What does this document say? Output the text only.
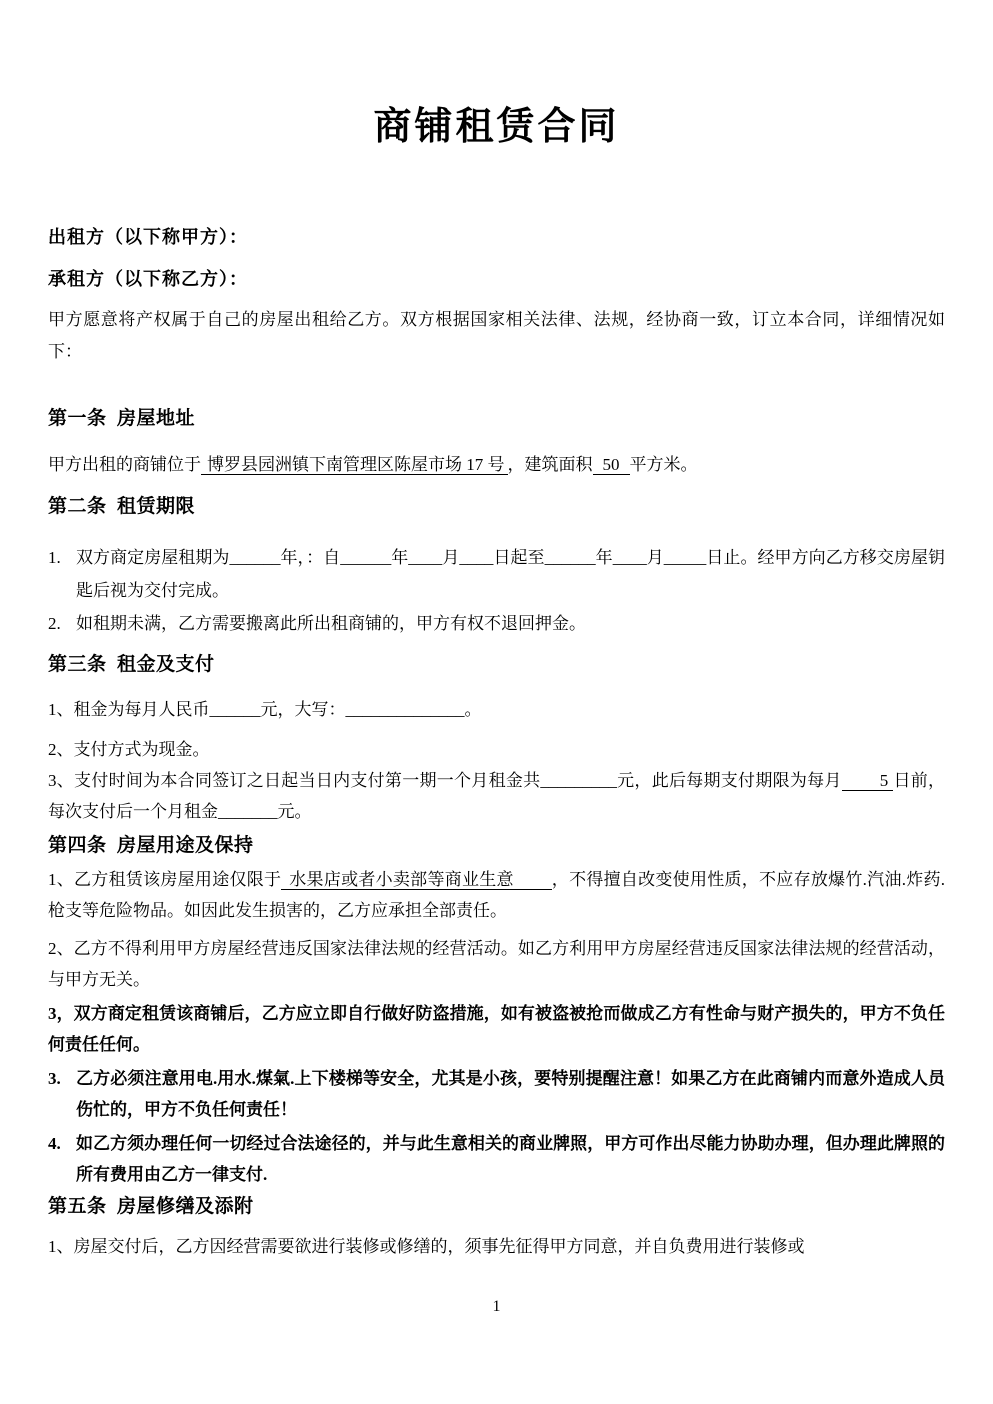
商铺租赁合同

出租方（以下称甲方）：

承租方（以下称乙方）：

甲方愿意将产权属于自己的房屋出租给乙方。双方根据国家相关法律、法规，经协商一致，订立本合同，详细情况如下：

第一条  房屋地址

甲方出租的商铺位于 博罗县园洲镇下南管理区陈屋市场 17 号 ，建筑面积 50 平方米。

第二条  租赁期限
1. 双方商定房屋租期为______年，：自______年____月____日起至______年____月_____日止。经甲方向乙方移交房屋钥匙后视为交付完成。
2. 如租期未满，乙方需要搬离此所出租商铺的，甲方有权不退回押金。
第三条  租金及支付

1、租金为每月人民币______元，大写：______________。

2、支付方式为现金。

3、支付时间为本合同签订之日起当日内支付第一期一个月租金共_________元，此后每期支付期限为每月 5 日前，每次支付后一个月租金_______元。

第四条  房屋用途及保持

1、乙方租赁该房屋用途仅限于 水果店或者小卖部等商业生意 ，不得擅自改变使用性质，不应存放爆竹.汽油.炸药.枪支等危险物品。如因此发生损害的，乙方应承担全部责任。

2、乙方不得利用甲方房屋经营违反国家法律法规的经营活动。如乙方利用甲方房屋经营违反国家法律法规的经营活动，与甲方无关。

3，双方商定租赁该商铺后，乙方应立即自行做好防盗措施，如有被盗被抢而做成乙方有性命与财产损失的，甲方不负任何责任任何。

3. 乙方必须注意用电.用水.煤氣.上下楼梯等安全，尤其是小孩，要特别提醒注意！如果乙方在此商铺内而意外造成人员伤忙的，甲方不负任何责任！
4. 如乙方须办理任何一切经过合法途径的，并与此生意相关的商业牌照，甲方可作出尽能力协助办理，但办理此牌照的所有费用由乙方一律支付.
第五条  房屋修缮及添附

1、房屋交付后，乙方因经营需要欲进行装修或修缮的，须事先征得甲方同意，并自负费用进行装修或

1
